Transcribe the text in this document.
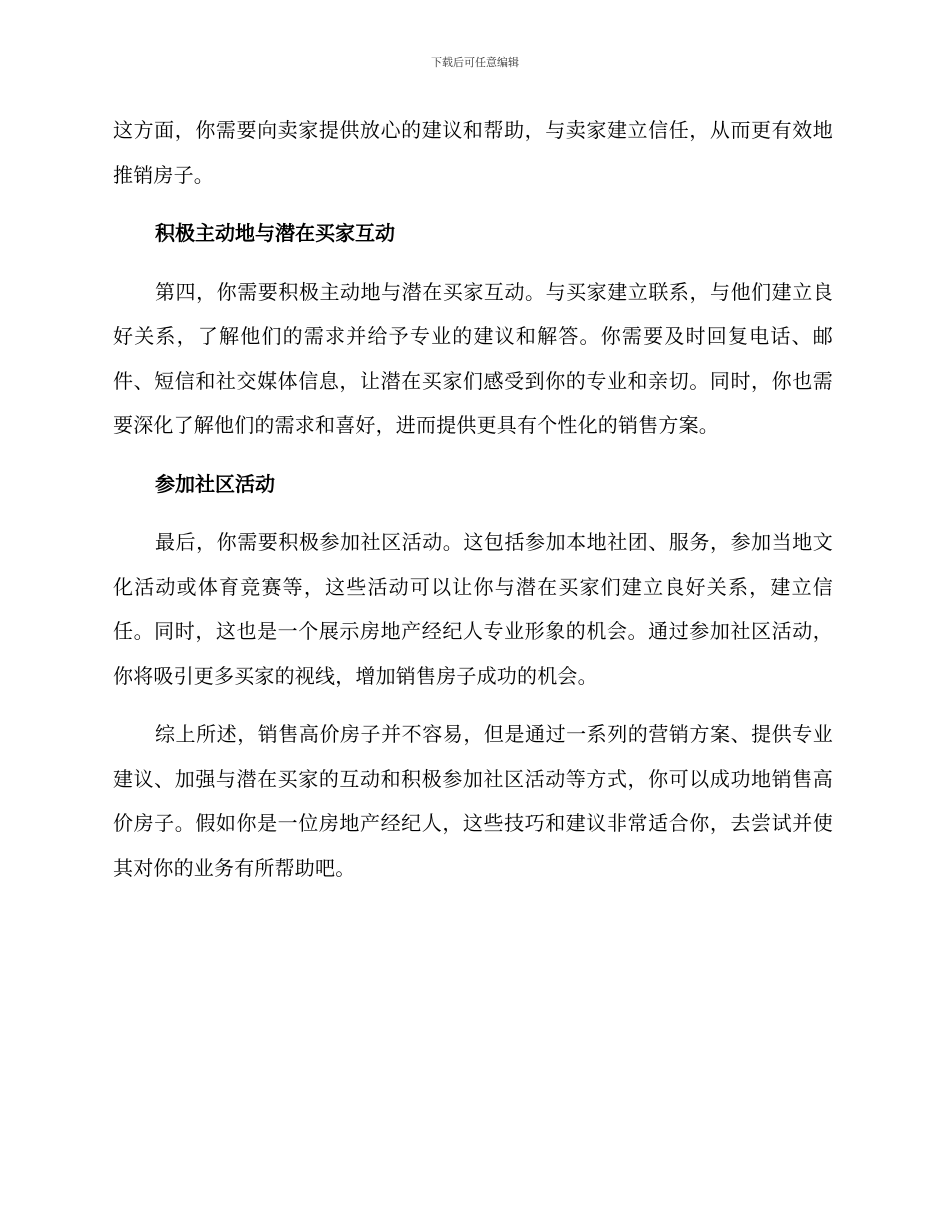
下载后可任意编辑

这方面，你需要向卖家提供放心的建议和帮助，与卖家建立信任，从而更有效地推销房子。

积极主动地与潜在买家互动

第四，你需要积极主动地与潜在买家互动。与买家建立联系，与他们建立良好关系，了解他们的需求并给予专业的建议和解答。你需要及时回复电话、邮件、短信和社交媒体信息，让潜在买家们感受到你的专业和亲切。同时，你也需要深化了解他们的需求和喜好，进而提供更具有个性化的销售方案。

参加社区活动

最后，你需要积极参加社区活动。这包括参加本地社团、服务，参加当地文化活动或体育竞赛等，这些活动可以让你与潜在买家们建立良好关系，建立信任。同时，这也是一个展示房地产经纪人专业形象的机会。通过参加社区活动，你将吸引更多买家的视线，增加销售房子成功的机会。

综上所述，销售高价房子并不容易，但是通过一系列的营销方案、提供专业建议、加强与潜在买家的互动和积极参加社区活动等方式，你可以成功地销售高价房子。假如你是一位房地产经纪人，这些技巧和建议非常适合你，去尝试并使其对你的业务有所帮助吧。
